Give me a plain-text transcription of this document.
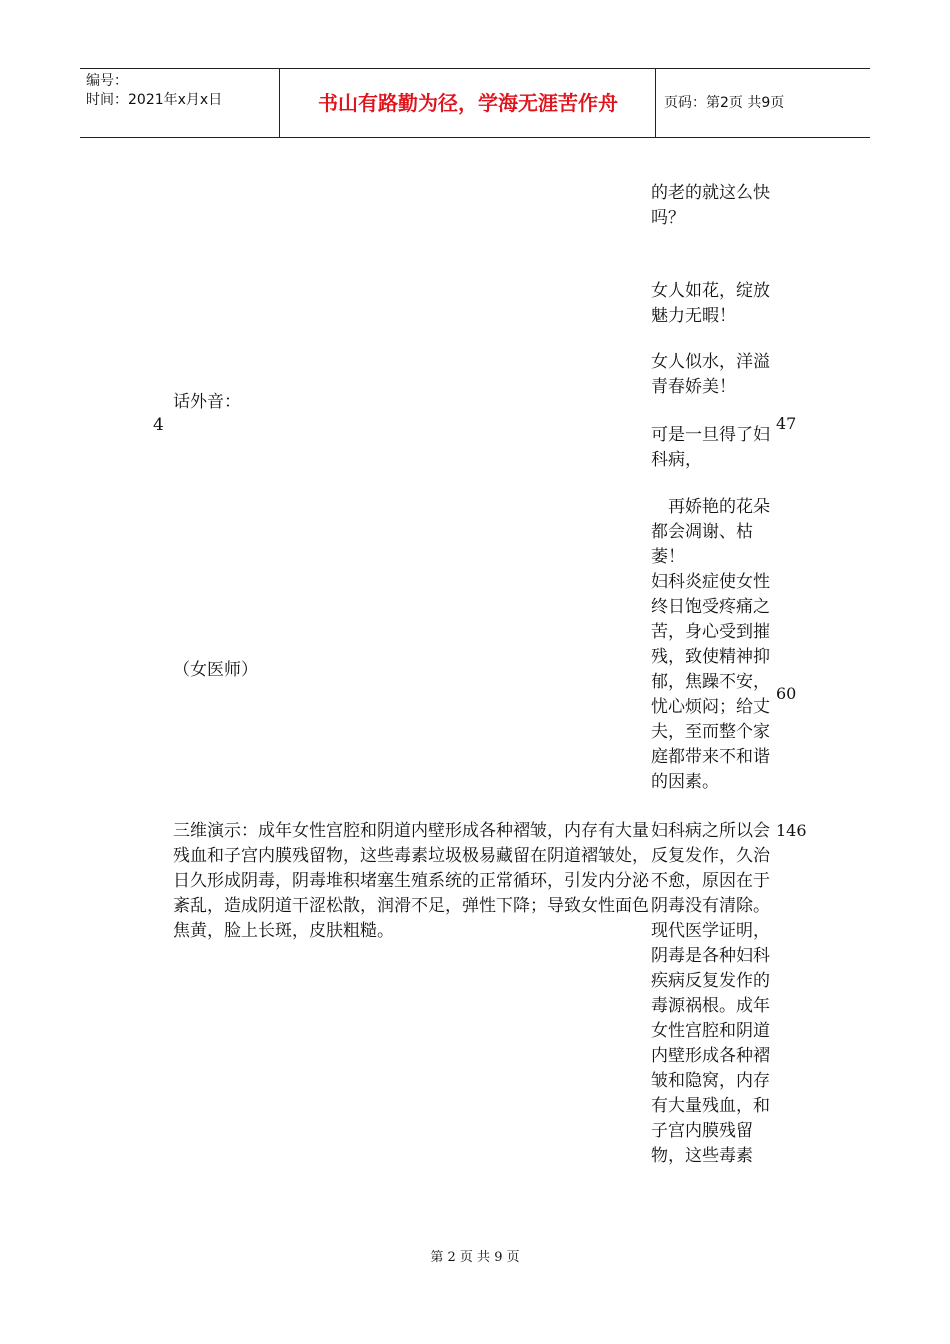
编号：
时间：2021年x月x日	书山有路勤为径，学海无涯苦作舟	页码：第2页 共9页
4
话外音：
的老的就这么快吗？
女人如花，绽放魅力无暇！
女人似水，洋溢青春娇美！
可是一旦得了妇科病，
　再娇艳的花朵都会凋谢、枯萎！
47
（女医师）
妇科炎症使女性终日饱受疼痛之苦，身心受到摧残，致使精神抑郁，焦躁不安，忧心烦闷；给丈夫，至而整个家庭都带来不和谐的因素。
60
三维演示：成年女性宫腔和阴道内壁形成各种褶皱，内存有大量残血和子宫内膜残留物，这些毒素垃圾极易藏留在阴道褶皱处，日久形成阴毒，阴毒堆积堵塞生殖系统的正常循环，引发内分泌紊乱，造成阴道干涩松散，润滑不足，弹性下降；导致女性面色焦黄，脸上长斑，皮肤粗糙。
妇科病之所以会反复发作，久治不愈，原因在于阴毒没有清除。现代医学证明，阴毒是各种妇科疾病反复发作的毒源祸根。成年女性宫腔和阴道内壁形成各种褶皱和隐窝，内存有大量残血，和子宫内膜残留物，这些毒素
146
第 2 页 共 9 页
